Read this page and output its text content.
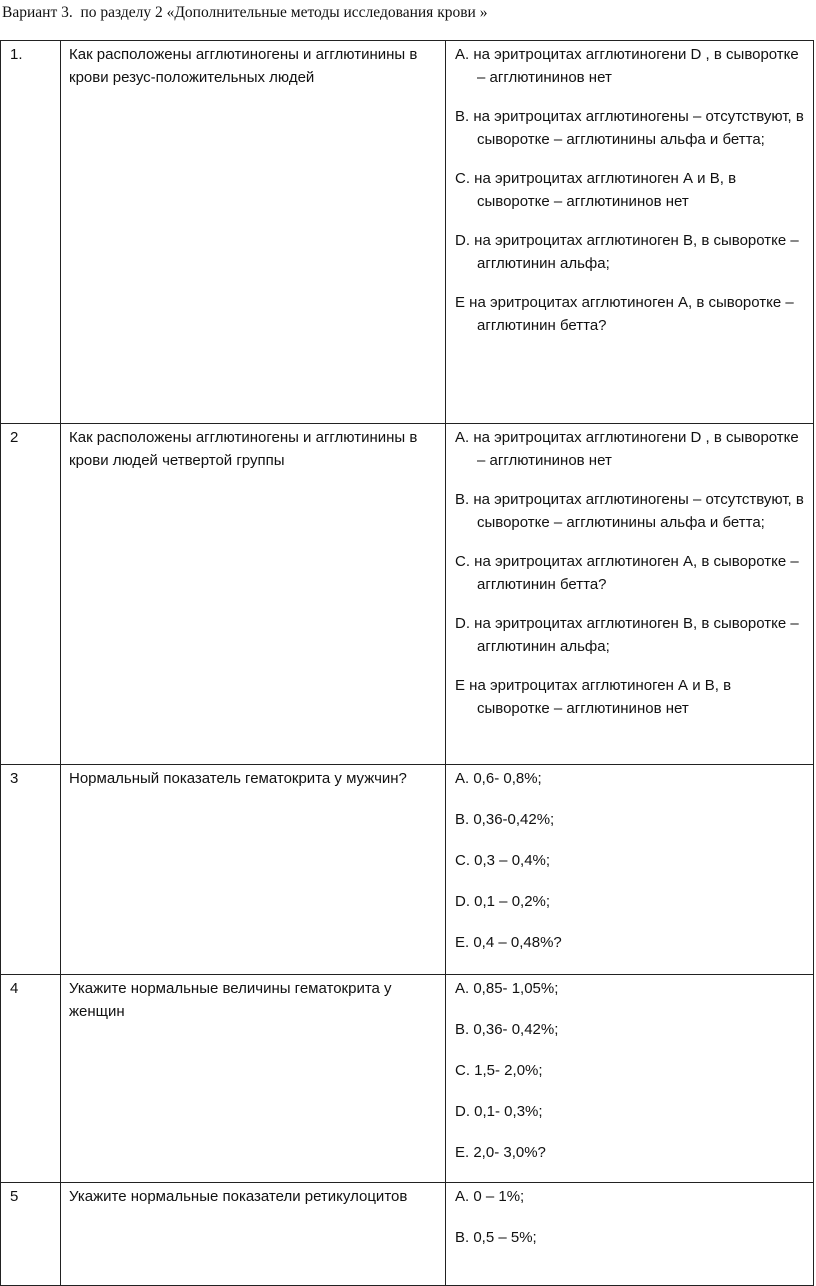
Вариант 3.  по разделу 2 «Дополнительные методы исследования крови »
1.	Как расположены агглютиногены и агглютинины в крови резус-положительных людей	A. на эритроцитах агглютиногени D , в сыворотке – агглютининов нет
B. на эритроцитах агглютиногены – отсутствуют, в сыворотке – агглютинины альфа и бетта;
C. на эритроцитах агглютиноген А и В, в сыворотке – агглютининов нет
D. на эритроцитах агглютиноген В, в сыворотке – агглютинин альфа;
E на эритроцитах агглютиноген А, в сыворотке – агглютинин бетта?

2	Как расположены агглютиногены и агглютинины в крови людей четвертой группы	A. на эритроцитах агглютиногени D , в сыворотке – агглютининов нет
B. на эритроцитах агглютиногены – отсутствуют, в сыворотке – агглютинины альфа и бетта;
C. на эритроцитах агглютиноген А, в сыворотке – агглютинин бетта?
D. на эритроцитах агглютиноген В, в сыворотке – агглютинин альфа;
E на эритроцитах агглютиноген А и В, в сыворотке – агглютининов нет

3	Нормальный показатель гематокрита у мужчин?	A. 0,6- 0,8%;
B. 0,36-0,42%;
C. 0,3 – 0,4%;
D. 0,1 – 0,2%;
E. 0,4 – 0,48%?

4	Укажите нормальные величины гематокрита у женщин	A. 0,85- 1,05%;
B. 0,36- 0,42%;
C. 1,5- 2,0%;
D. 0,1- 0,3%;
E. 2,0- 3,0%?

5	Укажите нормальные показатели ретикулоцитов	A. 0 – 1%;
B. 0,5 – 5%;
